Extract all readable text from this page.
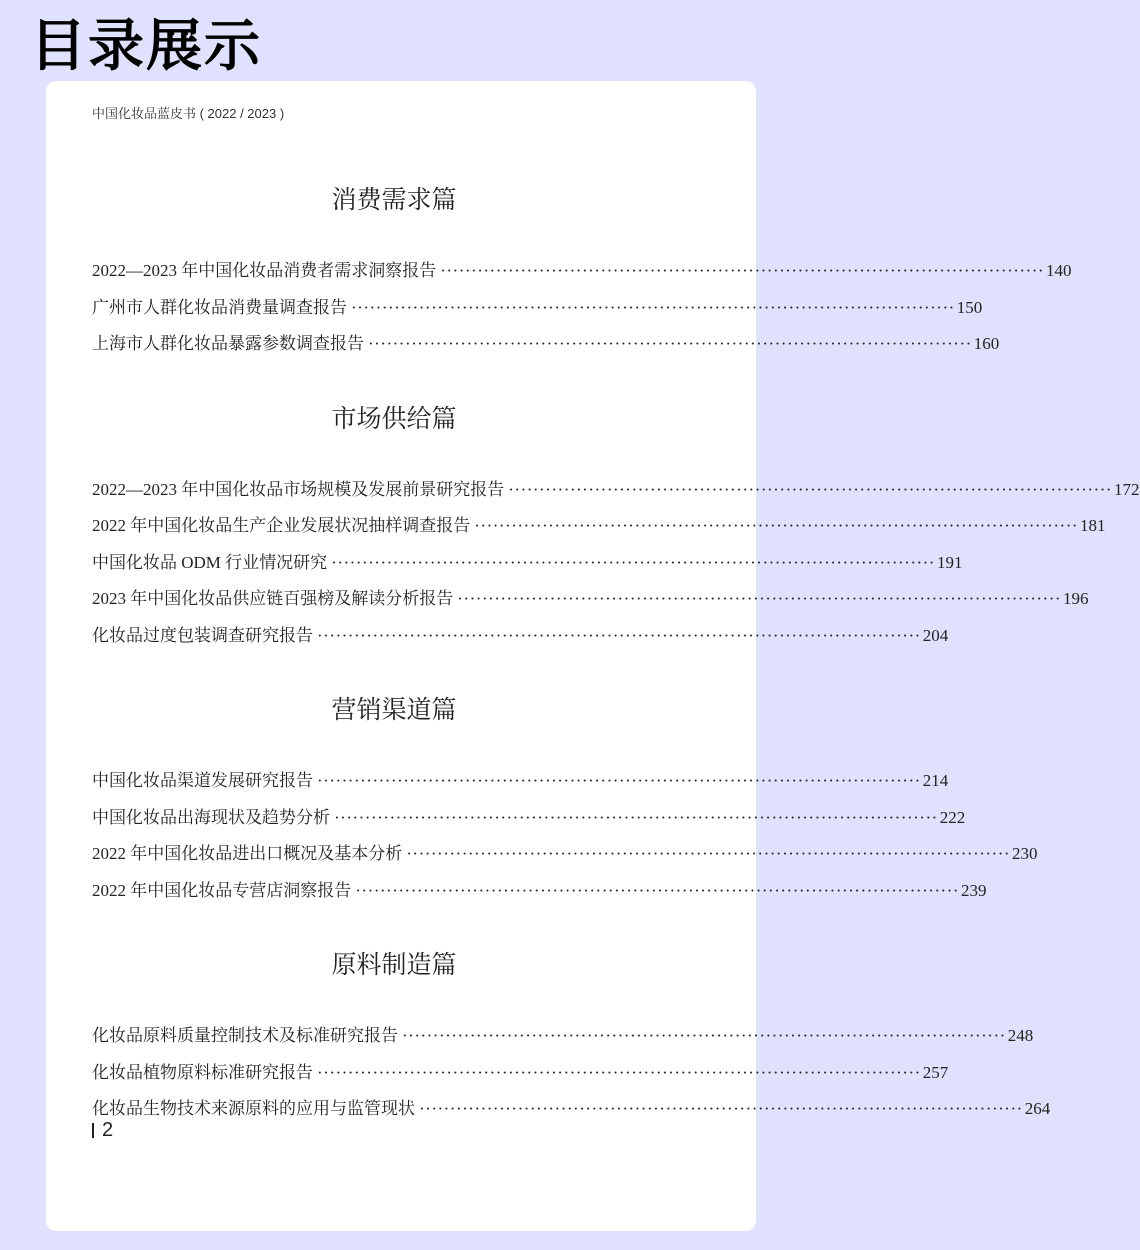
目录展示
中国化妆品蓝皮书 ( 2022 / 2023 )
消费需求篇
2022—2023 年中国化妆品消费者需求洞察报告 ·································································································· 140
广州市人群化妆品消费量调查报告 ·································································································· 150
上海市人群化妆品暴露参数调查报告 ·································································································· 160
市场供给篇
2022—2023 年中国化妆品市场规模及发展前景研究报告 ·································································································· 172
2022 年中国化妆品生产企业发展状况抽样调查报告 ·································································································· 181
中国化妆品 ODM 行业情况研究 ·································································································· 191
2023 年中国化妆品供应链百强榜及解读分析报告 ·································································································· 196
化妆品过度包装调查研究报告 ·································································································· 204
营销渠道篇
中国化妆品渠道发展研究报告 ·································································································· 214
中国化妆品出海现状及趋势分析 ·································································································· 222
2022 年中国化妆品进出口概况及基本分析 ·································································································· 230
2022 年中国化妆品专营店洞察报告 ·································································································· 239
原料制造篇
化妆品原料质量控制技术及标准研究报告 ·································································································· 248
化妆品植物原料标准研究报告 ·································································································· 257
化妆品生物技术来源原料的应用与监管现状 ·································································································· 264
2
